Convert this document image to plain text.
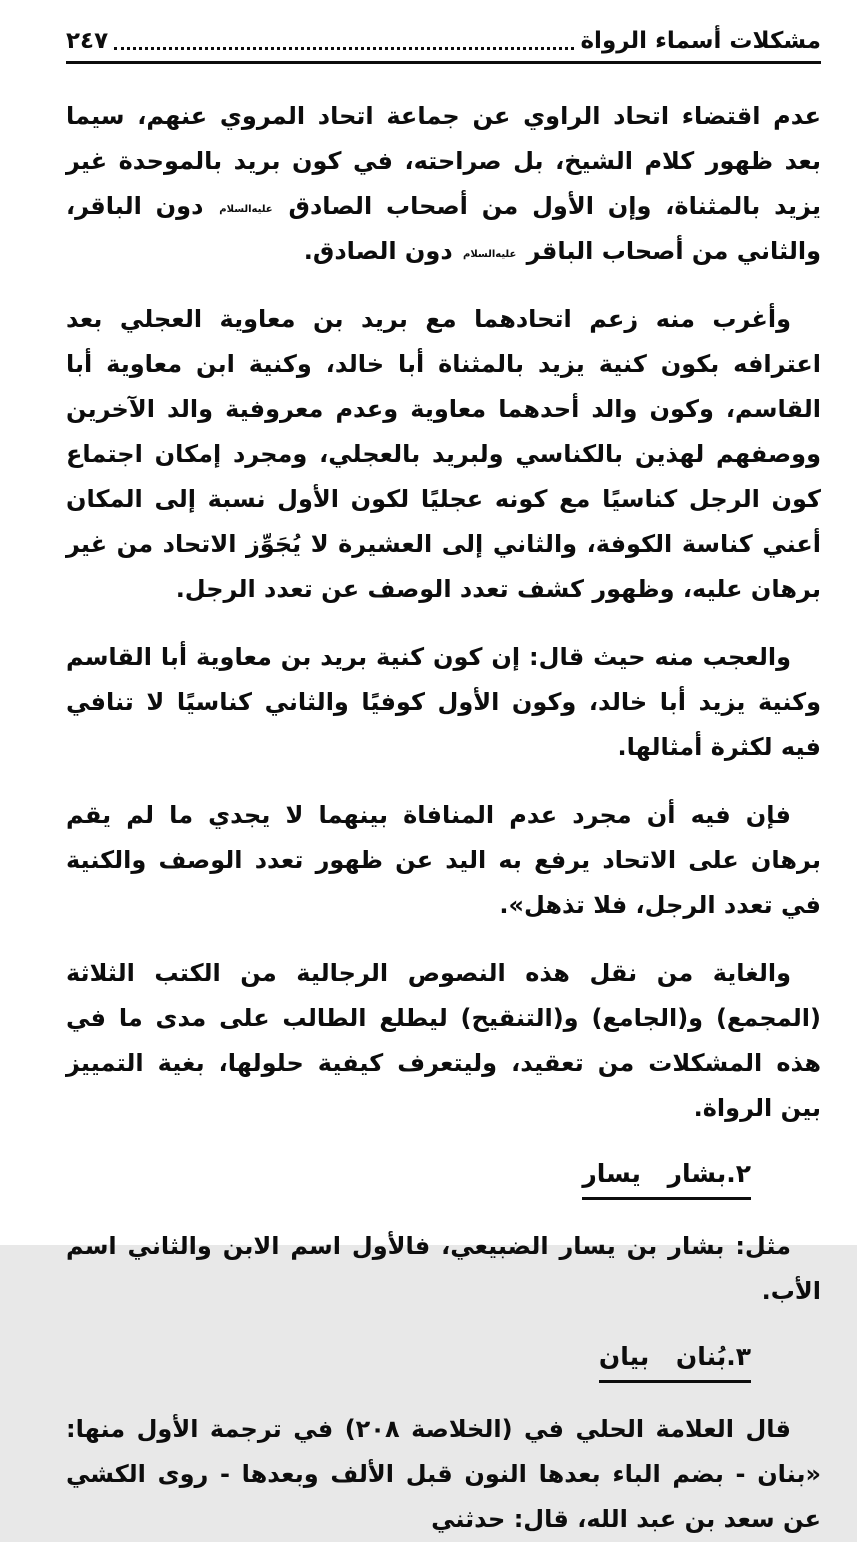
مشكلات أسماء الرواة
٢٤٧

عدم اقتضاء اتحاد الراوي عن جماعة اتحاد المروي عنهم، سيما بعد ظهور كلام الشيخ، بل صراحته، في كون بريد بالموحدة غير يزيد بالمثناة، وإن الأول من أصحاب الصادق عليه‌السلام دون الباقر، والثاني من أصحاب الباقر عليه‌السلام دون الصادق.

وأغرب منه زعم اتحادهما مع بريد بن معاوية العجلي بعد اعترافه بكون كنية يزيد بالمثناة أبا خالد، وكنية ابن معاوية أبا القاسم، وكون والد أحدهما معاوية وعدم معروفية والد الآخرين ووصفهم لهذين بالكناسي ولبريد بالعجلي، ومجرد إمكان اجتماع كون الرجل كناسيًا مع كونه عجليًا لكون الأول نسبة إلى المكان أعني كناسة الكوفة، والثاني إلى العشيرة لا يُجَوِّز الاتحاد من غير برهان عليه، وظهور كشف تعدد الوصف عن تعدد الرجل.

والعجب منه حيث قال: إن كون كنية بريد بن معاوية أبا القاسم وكنية يزيد أبا خالد، وكون الأول كوفيًا والثاني كناسيًا لا تنافي فيه لكثرة أمثالها.

فإن فيه أن مجرد عدم المنافاة بينهما لا يجدي ما لم يقم برهان على الاتحاد يرفع به اليد عن ظهور تعدد الوصف والكنية في تعدد الرجل، فلا تذهل».

والغاية من نقل هذه النصوص الرجالية من الكتب الثلاثة (المجمع) و(الجامع) و(التنقيح) ليطلع الطالب على مدى ما في هذه المشكلات من تعقيد، وليتعرف كيفية حلولها، بغية التمييز بين الرواة.

٢.بشار يسار

مثل: بشار بن يسار الضبيعي، فالأول اسم الابن والثاني اسم الأب.

٣.بُنان بيان

قال العلامة الحلي في (الخلاصة ٢٠٨) في ترجمة الأول منها: «بنان - بضم الباء بعدها النون قبل الألف وبعدها - روى الكشي عن سعد بن عبد الله، قال: حدثني
